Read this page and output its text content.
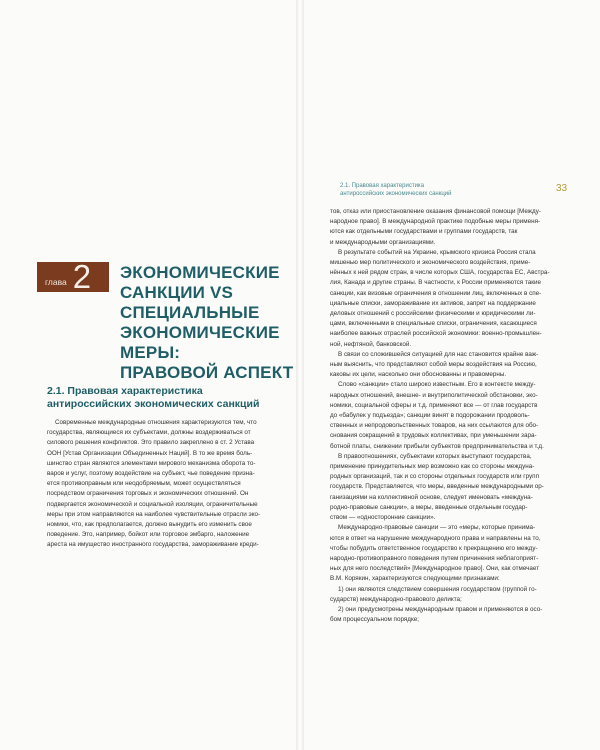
глава 2 ЭКОНОМИЧЕСКИЕ
САНКЦИИ VS
СПЕЦИАЛЬНЫЕ
ЭКОНОМИЧЕСКИЕ
МЕРЫ:
ПРАВОВОЙ АСПЕКТ
2.1. Правовая характеристика
антироссийских экономических санкций
Современные международные отношения характеризуются тем, что
государства, являющиеся их субъектами, должны воздерживаться от
силового решения конфликтов. Это правило закреплено в ст. 2 Устава
ООН [Устав Организации Объединенных Наций]. В то же время боль-
шинство стран являются элементами мирового механизма оборота то-
варов и услуг, поэтому воздействие на субъект, чье поведение призна-
ется противоправным или неодобряемым, может осуществляться
посредством ограничения торговых и экономических отношений. Он
подвергается экономической и социальной изоляции, ограничительные
меры при этом направляются на наиболее чувствительные отрасли эко-
номики, что, как предполагается, должно вынудить его изменить свое
поведение. Это, например, бойкот или торговое эмбарго, наложение
ареста на имущество иностранного государства, замораживание креди-
2.1. Правовая характеристика
антироссийских экономических санкций	33
тов, отказ или приостановление оказания финансовой помощи [Между-
народное право]. В международной практике подобные меры применя-
ются как отдельными государствами и группами государств, так
и международными организациями.
В результате событий на Украине, крымского кризиса Россия стала
мишенью мер политического и экономического воздействия, приме-
нённых к ней рядом стран, в числе которых США, государства ЕС, Австра-
лия, Канада и другие страны. В частности, к России применяются такие
санкции, как визовые ограничения в отношении лиц, включенных в спе-
циальные списки, замораживание их активов, запрет на поддержание
деловых отношений с российскими физическими и юридическими ли-
цами, включенными в специальные списки, ограничения, касающиеся
наиболее важных отраслей российской экономики: военно-промышлен-
ной, нефтяной, банковской.
В связи со сложившейся ситуацией для нас становится крайне важ-
ным выяснить, что представляют собой меры воздействия на Россию,
каковы их цели, насколько они обоснованны и правомерны.
Слово «санкции» стало широко известным. Его в контексте между-
народных отношений, внешне- и внутриполитической обстановки, эко-
номики, социальной сферы и т.д. применяют все — от глав государств
до «бабулек у подъезда»; санкции винят в подорожании продоволь-
ственных и непродовольственных товаров, на них ссылаются для обо-
снования сокращений в трудовых коллективах, при уменьшении зара-
ботной платы, снижении прибыли субъектов предпринимательства и т.д.
В правоотношениях, субъектами которых выступают государства,
применение принудительных мер возможно как со стороны междуна-
родных организаций, так и со стороны отдельных государств или групп
государств. Представляется, что меры, введенные международными ор-
ганизациями на коллективной основе, следует именовать «междуна-
родно-правовые санкции», а меры, введенные отдельным государ-
ством — «односторонние санкции».
Международно-правовые санкции — это «меры, которые принима-
ются в ответ на нарушение международного права и направлены на то,
чтобы побудить ответственное государство к прекращению его между-
народно-противоправного поведения путем причинения неблагоприят-
ных для него последствий» [Международное право]. Они, как отмечает
В.М. Корякин, характеризуются следующими признаками:
1) они являются следствием совершения государством (группой го-
сударств) международно-правового деликта;
2) они предусмотрены международным правом и применяются в осо-
бом процессуальном порядке;
